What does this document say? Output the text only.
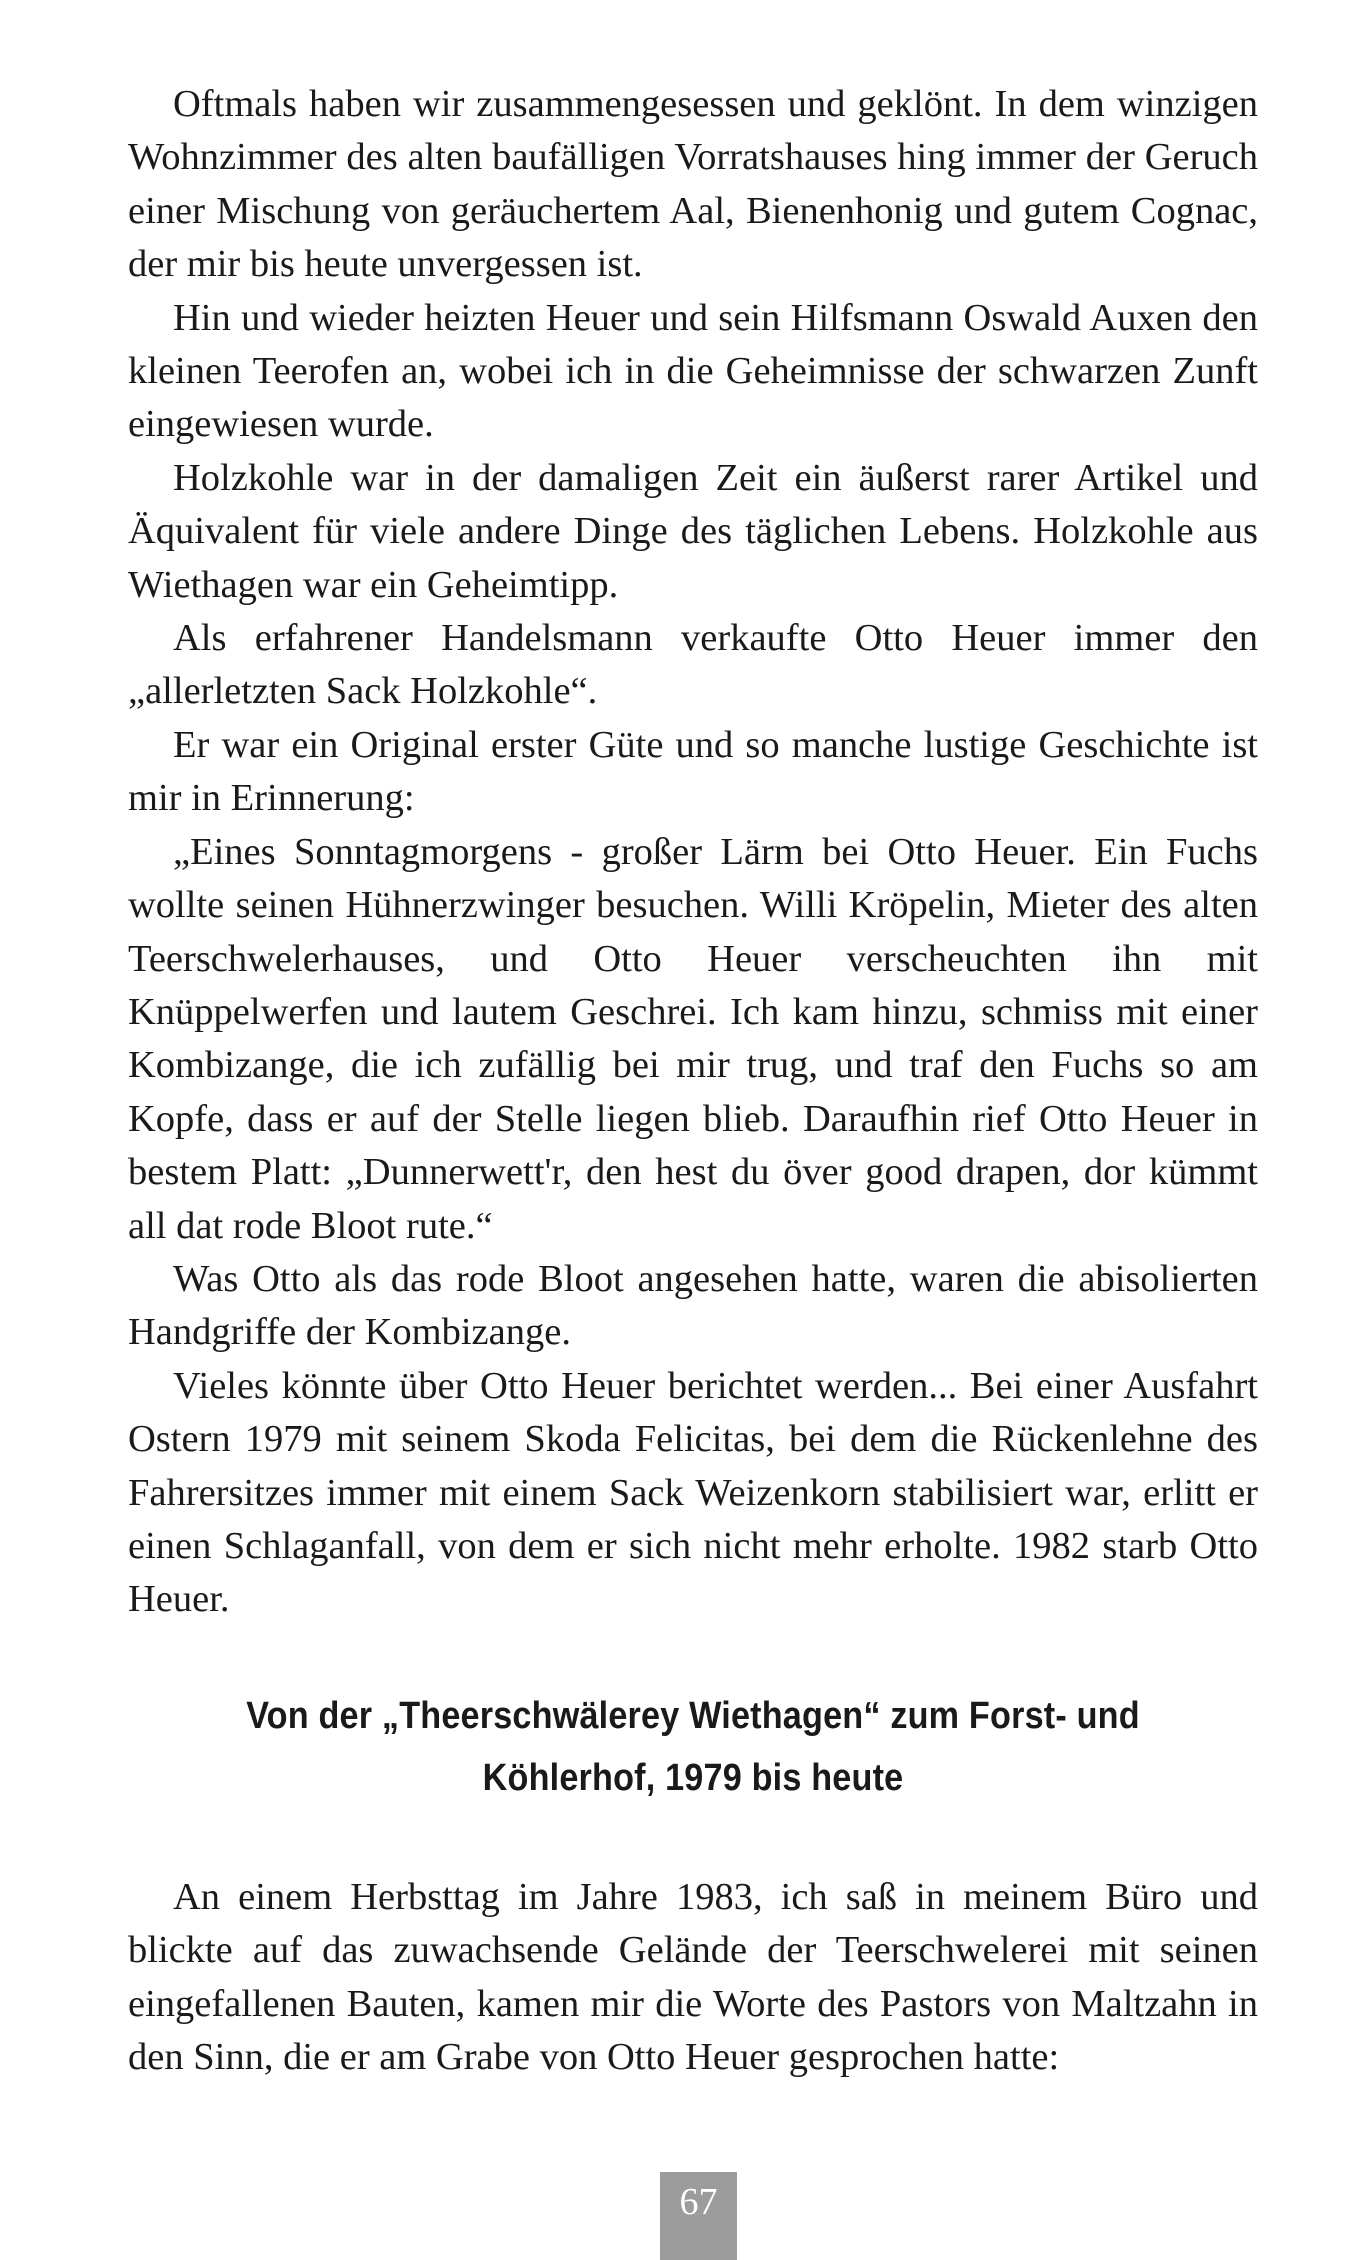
Oftmals haben wir zusammengesessen und geklönt. In dem winzigen Wohnzimmer des alten baufälligen Vorratshauses hing immer der Geruch einer Mischung von geräuchertem Aal, Bienenhonig und gutem Cognac, der mir bis heute unvergessen ist.

Hin und wieder heizten Heuer und sein Hilfsmann Oswald Auxen den kleinen Teerofen an, wobei ich in die Geheimnisse der schwarzen Zunft eingewiesen wurde.

Holzkohle war in der damaligen Zeit ein äußerst rarer Artikel und Äquivalent für viele andere Dinge des täglichen Lebens. Holzkohle aus Wiethagen war ein Geheimtipp.

Als erfahrener Handelsmann verkaufte Otto Heuer immer den „allerletzten Sack Holzkohle“.

Er war ein Original erster Güte und so manche lustige Geschichte ist mir in Erinnerung:

„Eines Sonntagmorgens - großer Lärm bei Otto Heuer. Ein Fuchs wollte seinen Hühnerzwinger besuchen. Willi Kröpelin, Mieter des alten Teerschwelerhauses, und Otto Heuer verscheuchten ihn mit Knüppelwerfen und lautem Geschrei. Ich kam hinzu, schmiss mit einer Kombizange, die ich zufällig bei mir trug, und traf den Fuchs so am Kopfe, dass er auf der Stelle liegen blieb. Daraufhin rief Otto Heuer in bestem Platt: „Dunnerwett'r, den hest du över good drapen, dor kümmt all dat rode Bloot rute.“

Was Otto als das rode Bloot angesehen hatte, waren die abisolierten Handgriffe der Kombizange.

Vieles könnte über Otto Heuer berichtet werden... Bei einer Ausfahrt Ostern 1979 mit seinem Skoda Felicitas, bei dem die Rückenlehne des Fahrersitzes immer mit einem Sack Weizenkorn stabilisiert war, erlitt er einen Schlaganfall, von dem er sich nicht mehr erholte. 1982 starb Otto Heuer.

Von der „Theerschwälerey Wiethagen“ zum Forst- und
Köhlerhof, 1979 bis heute

An einem Herbsttag im Jahre 1983, ich saß in meinem Büro und blickte auf das zuwachsende Gelände der Teerschwelerei mit seinen eingefallenen Bauten, kamen mir die Worte des Pastors von Maltzahn in den Sinn, die er am Grabe von Otto Heuer gesprochen hatte:

67
